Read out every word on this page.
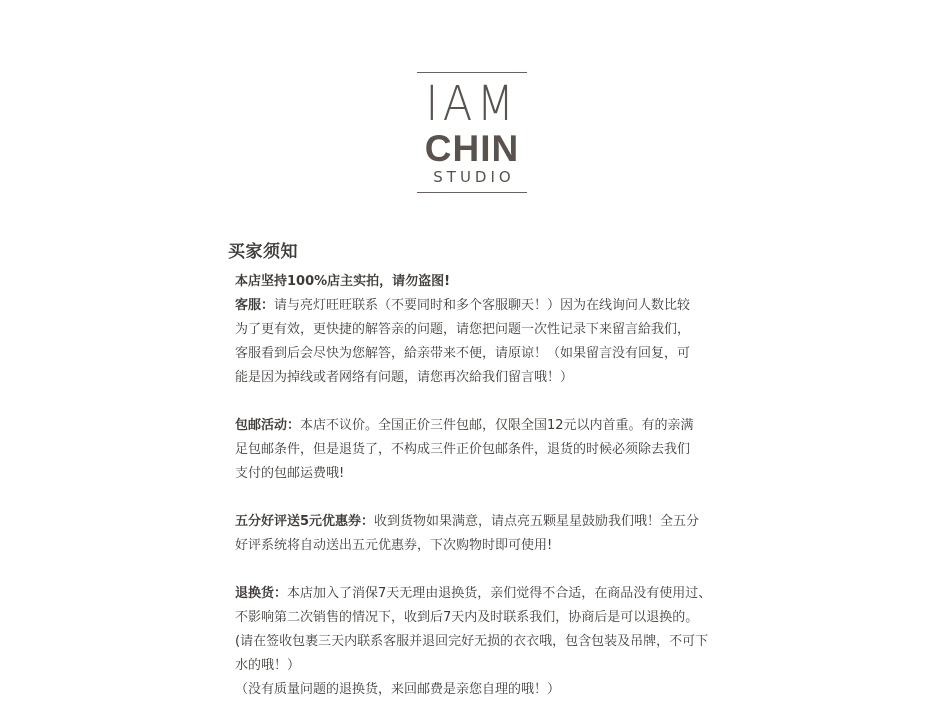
IAM
CHIN
STUDIO
买家须知
本店坚持100%店主实拍，请勿盗图!
客服：请与亮灯旺旺联系（不要同时和多个客服聊天！）因为在线询问人数比较
为了更有效，更快捷的解答亲的问题，请您把问题一次性记录下来留言給我们，
客服看到后会尽快为您解答，給亲带来不便，请原谅！（如果留言没有回复，可
能是因为掉线或者网络有问题，请您再次給我们留言哦！）
包邮活动：本店不议价。全国正价三件包邮，仅限全国12元以内首重。有的亲满
足包邮条件，但是退货了，不构成三件正价包邮条件，退货的时候必须除去我们
支付的包邮运费哦!
五分好评送5元优惠券：收到货物如果满意，请点亮五颗星星鼓励我们哦！全五分
好评系统将自动送出五元优惠券，下次购物时即可使用!
退换货：本店加入了消保7天无理由退换货，亲们觉得不合适，在商品没有使用过、
不影响第二次销售的情况下，收到后7天内及时联系我们，协商后是可以退换的。
(请在签收包裹三天内联系客服并退回完好无损的衣衣哦，包含包装及吊牌，不可下
水的哦！）
（没有质量问题的退换货，来回邮费是亲您自理的哦！）
